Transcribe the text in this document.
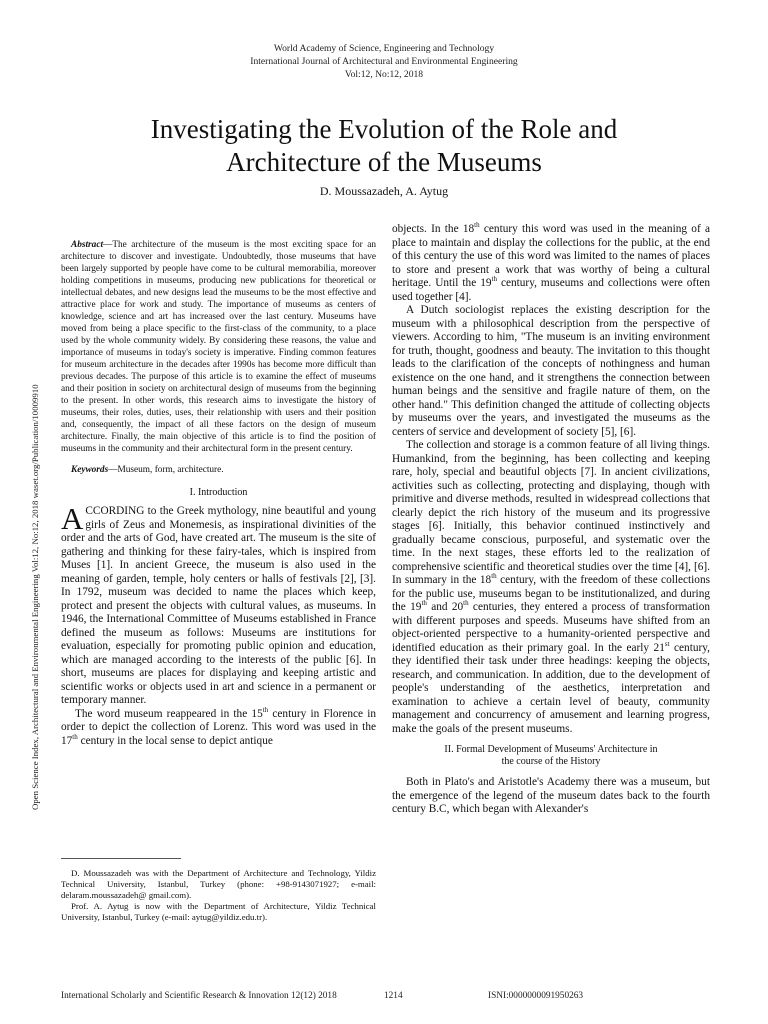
World Academy of Science, Engineering and Technology
International Journal of Architectural and Environmental Engineering
Vol:12, No:12, 2018
Investigating the Evolution of the Role and
Architecture of the Museums
D. Moussazadeh, A. Aytug
Open Science Index, Architectural and Environmental Engineering Vol:12, No:12, 2018 waset.org/Publication/10009910

Abstract—The architecture of the museum is the most exciting space for an architecture to discover and investigate. Undoubtedly, those museums that have been largely supported by people have come to be cultural memorabilia, moreover holding competitions in museums, producing new publications for theoretical or intellectual debates, and new designs lead the museums to be the most effective and attractive place for work and study. The importance of museums as centers of knowledge, science and art has increased over the last century. Museums have moved from being a place specific to the first-class of the community, to a place used by the whole community widely. By considering these reasons, the value and importance of museums in today's society is imperative. Finding common features for museum architecture in the decades after 1990s has become more difficult than previous decades. The purpose of this article is to examine the effect of museums and their position in society on architectural design of museums from the beginning to the present. In other words, this research aims to investigate the history of museums, their roles, duties, uses, their relationship with users and their position and, consequently, the impact of all these factors on the design of museum architecture. Finally, the main objective of this article is to find the position of museums in the community and their architectural form in the present century.

Keywords—Museum, form, architecture.

I. Introduction

ACCORDING to the Greek mythology, nine beautiful and young girls of Zeus and Monemesis, as inspirational divinities of the order and the arts of God, have created art. The museum is the site of gathering and thinking for these fairy-tales, which is inspired from Muses [1]. In ancient Greece, the museum is also used in the meaning of garden, temple, holy centers or halls of festivals [2], [3]. In 1792, museum was decided to name the places which keep, protect and present the objects with cultural values, as museums. In 1946, the International Committee of Museums established in France defined the museum as follows: Museums are institutions for evaluation, especially for promoting public opinion and education, which are managed according to the interests of the public [6]. In short, museums are places for displaying and keeping artistic and scientific works or objects used in art and science in a permanent or temporary manner.

The word museum reappeared in the 15th century in Florence in order to depict the collection of Lorenz. This word was used in the 17th century in the local sense to depict antique

D. Moussazadeh was with the Department of Architecture and Technology, Yildiz Technical University, Istanbul, Turkey (phone: +98-9143071927; e-mail: delaram.moussazadeh@ gmail.com).

Prof. A. Aytug is now with the Department of Architecture, Yildiz Technical University, Istanbul, Turkey (e-mail: aytug@yildiz.edu.tr).

objects. In the 18th century this word was used in the meaning of a place to maintain and display the collections for the public, at the end of this century the use of this word was limited to the names of places to store and present a work that was worthy of being a cultural heritage. Until the 19th century, museums and collections were often used together [4].

A Dutch sociologist replaces the existing description for the museum with a philosophical description from the perspective of viewers. According to him, "The museum is an inviting environment for truth, thought, goodness and beauty. The invitation to this thought leads to the clarification of the concepts of nothingness and human existence on the one hand, and it strengthens the connection between human beings and the sensitive and fragile nature of them, on the other hand." This definition changed the attitude of collecting objects by museums over the years, and investigated the museums as the centers of service and development of society [5], [6].

The collection and storage is a common feature of all living things. Humankind, from the beginning, has been collecting and keeping rare, holy, special and beautiful objects [7]. In ancient civilizations, activities such as collecting, protecting and displaying, though with primitive and diverse methods, resulted in widespread collections that clearly depict the rich history of the museum and its progressive stages [6]. Initially, this behavior continued instinctively and gradually became conscious, purposeful, and systematic over the time. In the next stages, these efforts led to the realization of comprehensive scientific and theoretical studies over the time [4], [6]. In summary in the 18th century, with the freedom of these collections for the public use, museums began to be institutionalized, and during the 19th and 20th centuries, they entered a process of transformation with different purposes and speeds. Museums have shifted from an object-oriented perspective to a humanity-oriented perspective and identified education as their primary goal. In the early 21st century, they identified their task under three headings: keeping the objects, research, and communication. In addition, due to the development of people's understanding of the aesthetics, interpretation and examination to achieve a certain level of beauty, community management and concurrency of amusement and learning progress, make the goals of the present museums.

II. Formal Development of Museums' Architecture in
the course of the History

Both in Plato's and Aristotle's Academy there was a museum, but the emergence of the legend of the museum dates back to the fourth century B.C, which began with Alexander's

International Scholarly and Scientific Research & Innovation 12(12) 2018	1214	ISNI:0000000091950263
